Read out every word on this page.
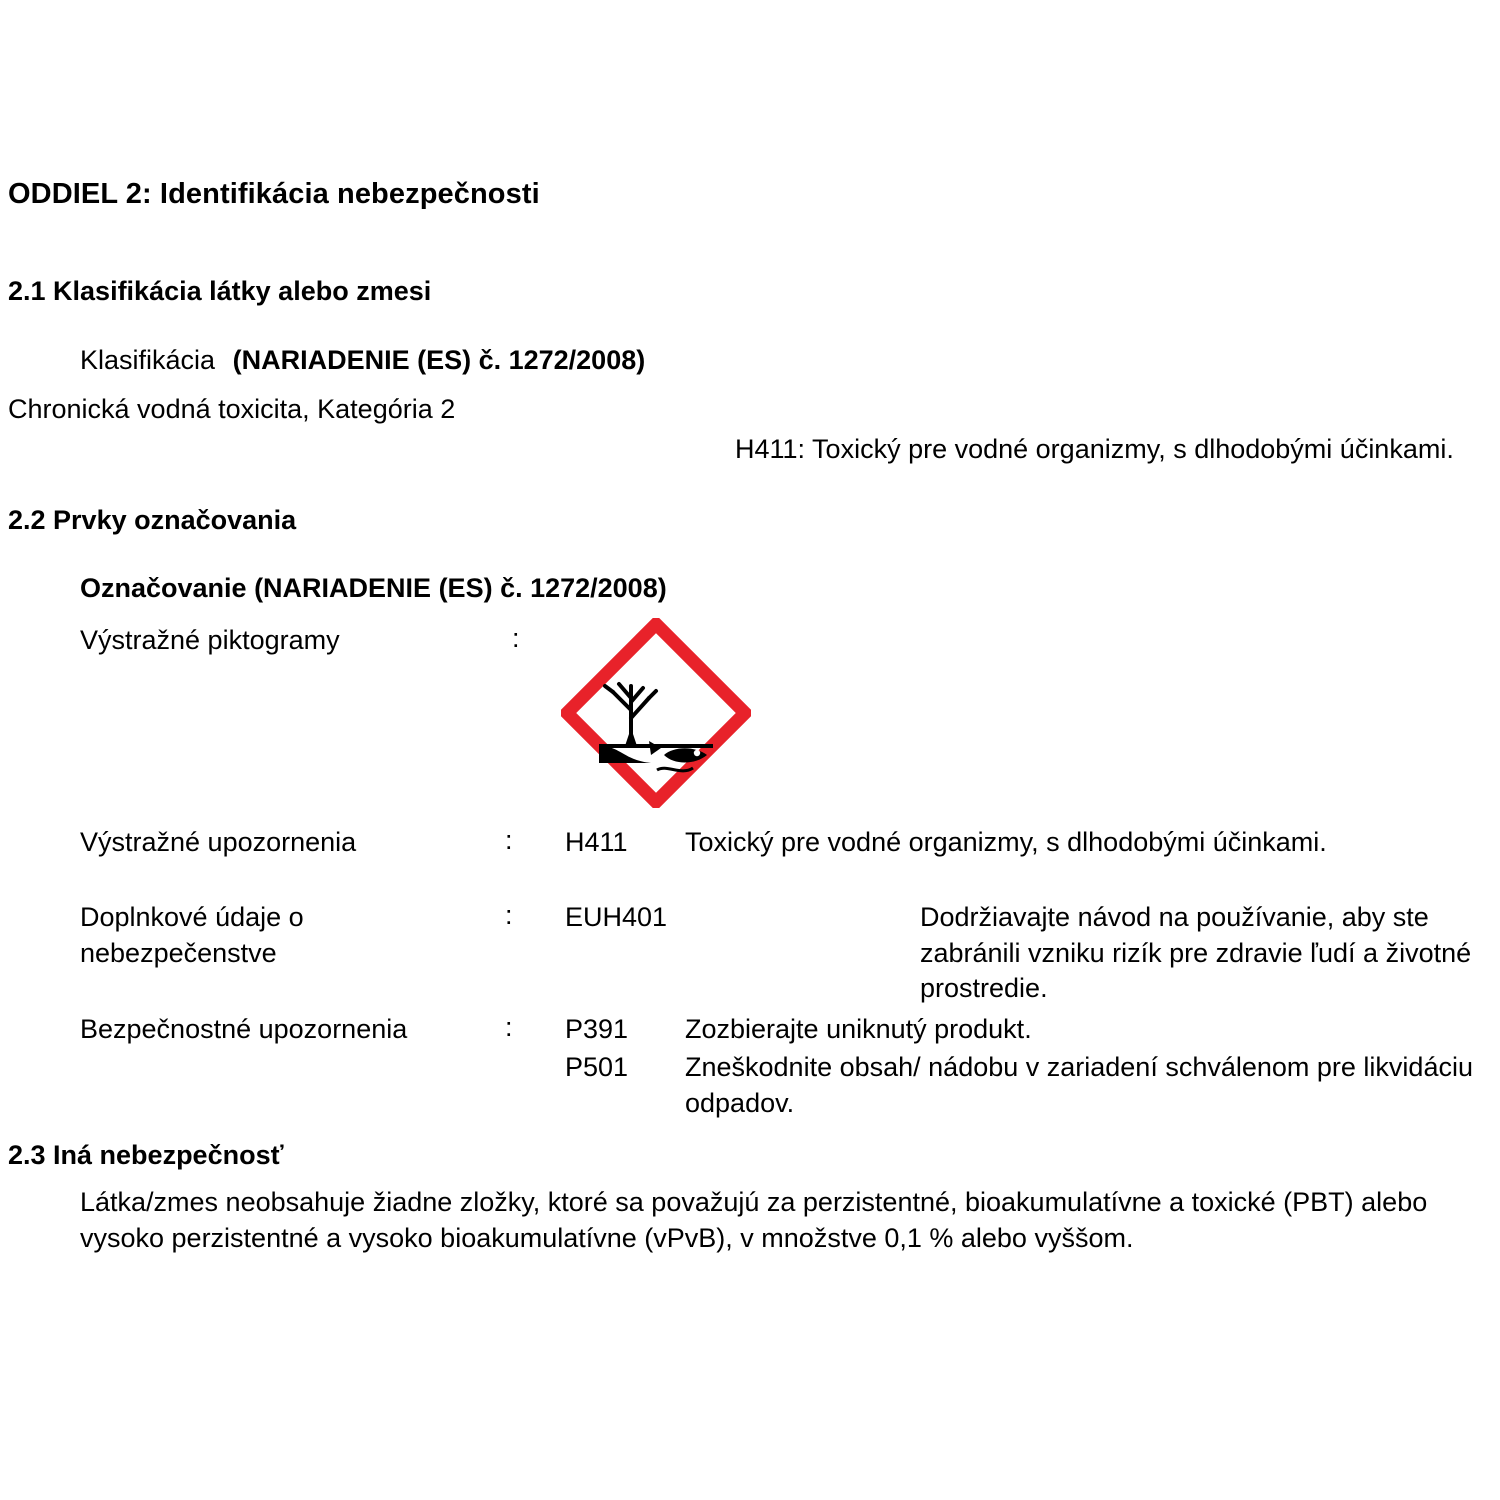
ODDIEL 2: Identifikácia nebezpečnosti
2.1 Klasifikácia látky alebo zmesi
Klasifikácia (NARIADENIE (ES) č. 1272/2008)
Chronická vodná toxicita, Kategória 2
H411: Toxický pre vodné organizmy, s dlhodobými účinkami.
2.2 Prvky označovania
Označovanie (NARIADENIE (ES) č. 1272/2008)
Výstražné piktogramy	:
Výstražné upozornenia	: H411 Toxický pre vodné organizmy, s dlhodobými účinkami.
Doplnkové údaje o nebezpečenstve
: EUH401	Dodržiavajte návod na používanie, aby ste zabránili vzniku rizík pre zdravie ľudí a životné prostredie.
Bezpečnostné upozornenia	: P391 Zozbierajte uniknutý produkt.
P501 Zneškodnite obsah/ nádobu v zariadení schválenom pre likvidáciu odpadov.
2.3 Iná nebezpečnosť
Látka/zmes neobsahuje žiadne zložky, ktoré sa považujú za perzistentné, bioakumulatívne a toxické (PBT) alebo vysoko perzistentné a vysoko bioakumulatívne (vPvB), v množstve 0,1 % alebo vyššom.
